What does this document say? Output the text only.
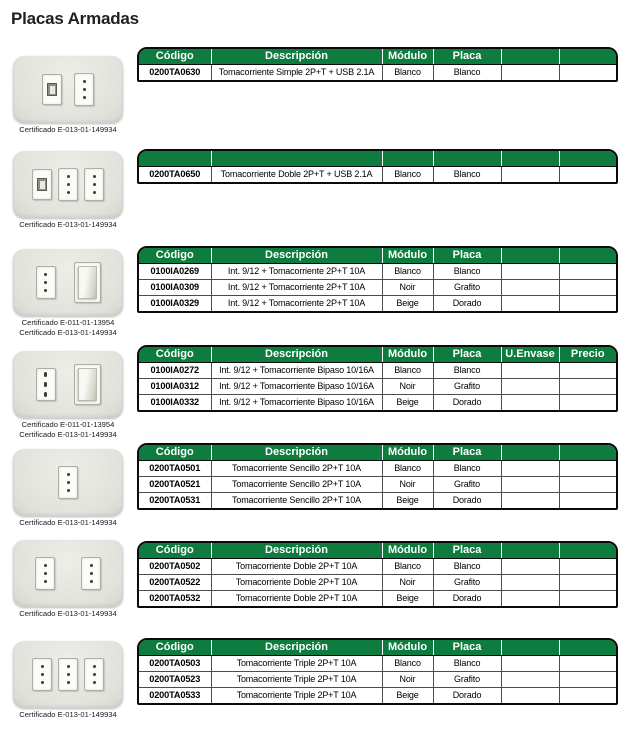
Placas Armadas
Certificado E-013-01-149934
Código	Descripción	Módulo	Placa		
0200TA0630	Tomacorriente Simple 2P+T + USB 2.1A	Blanco	Blanco		
Certificado E-013-01-149934

0200TA0650	Tomacorriente Doble 2P+T + USB 2.1A	Blanco	Blanco		
Certificado E-011-01-13954
Certificado E-013-01-149934
Código	Descripción	Módulo	Placa		
0100IA0269	Int. 9/12 + Tomacorriente 2P+T 10A	Blanco	Blanco		
0100IA0309	Int. 9/12 + Tomacorriente 2P+T 10A	Noir	Grafito		
0100IA0329	Int. 9/12 + Tomacorriente 2P+T 10A	Beige	Dorado		
Certificado E-011-01-13954
Certificado E-013-01-149934
Código	Descripción	Módulo	Placa	U.Envase	Precio
0100IA0272	Int. 9/12 + Tomacorriente Bipaso 10/16A	Blanco	Blanco		
0100IA0312	Int. 9/12 + Tomacorriente Bipaso 10/16A	Noir	Grafito		
0100IA0332	Int. 9/12 + Tomacorriente Bipaso 10/16A	Beige	Dorado		
Certificado E-013-01-149934
Código	Descripción	Módulo	Placa		
0200TA0501	Tomacorriente Sencillo 2P+T 10A	Blanco	Blanco		
0200TA0521	Tomacorriente Sencillo 2P+T 10A	Noir	Grafito		
0200TA0531	Tomacorriente Sencillo 2P+T 10A	Beige	Dorado		
Certificado E-013-01-149934
Código	Descripción	Módulo	Placa		
0200TA0502	Tomacorriente Doble 2P+T 10A	Blanco	Blanco		
0200TA0522	Tomacorriente Doble 2P+T 10A	Noir	Grafito		
0200TA0532	Tomacorriente Doble 2P+T 10A	Beige	Dorado		
Certificado E-013-01-149934
Código	Descripción	Módulo	Placa		
0200TA0503	Tomacorriente Triple 2P+T 10A	Blanco	Blanco		
0200TA0523	Tomacorriente Triple 2P+T 10A	Noir	Grafito		
0200TA0533	Tomacorriente Triple 2P+T 10A	Beige	Dorado		
